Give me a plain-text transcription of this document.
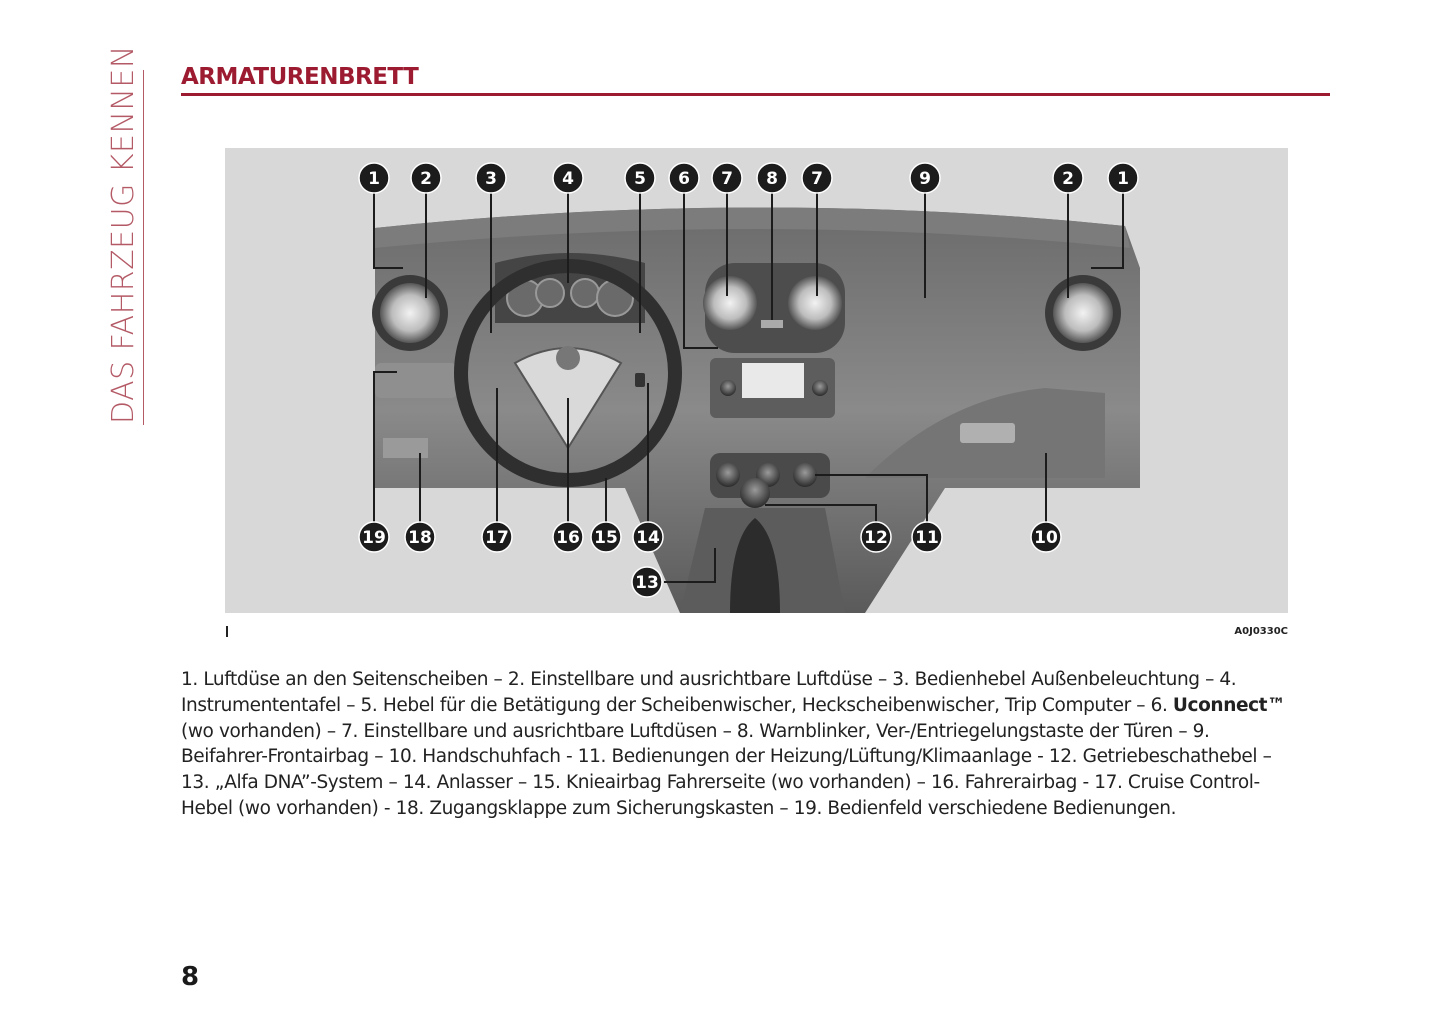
DAS FAHRZEUG KENNEN ARMATURENBRETT
1 2	3	4	5 6 7 8 7	9	2	1
19 18	17	16 15 14	12 11	10
13
A0J0330C
1. Luftdüse an den Seitenscheiben – 2. Einstellbare und ausrichtbare Luftdüse – 3. Bedienhebel Außenbeleuchtung – 4. Instrumententafel – 5. Hebel für die Betätigung der Scheibenwischer, Heckscheibenwischer, Trip Computer – 6. Uconnect™ (wo vorhanden) – 7. Einstellbare und ausrichtbare Luftdüsen – 8. Warnblinker, Ver-/Entriegelungstaste der Türen – 9. Beifahrer-Frontairbag – 10. Handschuhfach - 11. Bedienungen der Heizung/Lüftung/Klimaanlage - 12. Getriebeschathebel – 13. „Alfa DNA”-System – 14. Anlasser – 15. Knieairbag Fahrerseite (wo vorhanden) – 16. Fahrerairbag - 17. Cruise Control-Hebel (wo vorhanden) - 18. Zugangsklappe zum Sicherungskasten – 19. Bedienfeld verschiedene Bedienungen.
8
